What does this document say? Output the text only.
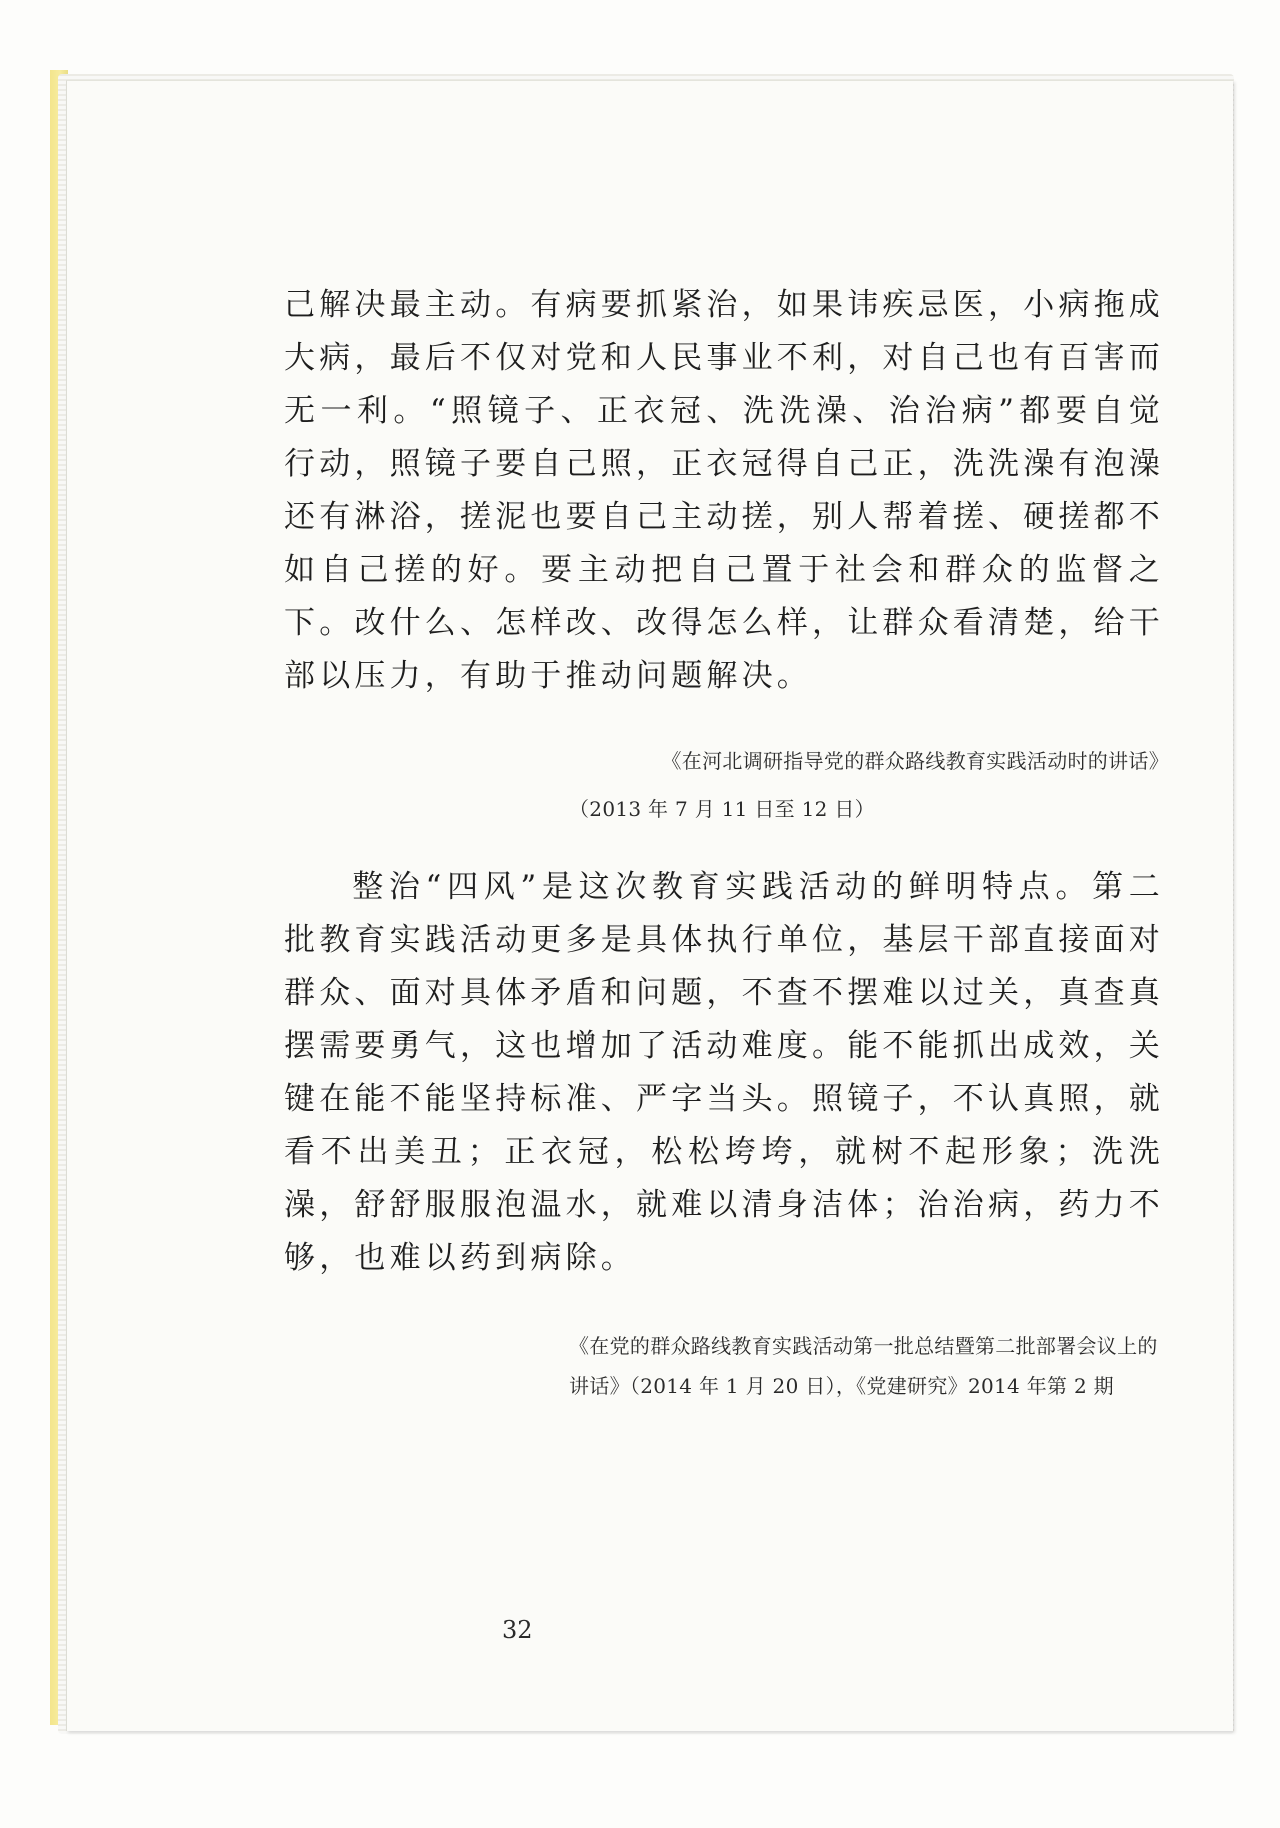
己解决最主动。有病要抓紧治，如果讳疾忌医，小病拖成大病，最后不仅对党和人民事业不利，对自己也有百害而无一利。“照镜子、正衣冠、洗洗澡、治治病”都要自觉行动，照镜子要自己照，正衣冠得自己正，洗洗澡有泡澡还有淋浴，搓泥也要自己主动搓，别人帮着搓、硬搓都不如自己搓的好。要主动把自己置于社会和群众的监督之下。改什么、怎样改、改得怎么样，让群众看清楚，给干部以压力，有助于推动问题解决。

《在河北调研指导党的群众路线教育实践活动时的讲话》
（2013 年 7 月 11 日至 12 日）

整治“四风”是这次教育实践活动的鲜明特点。第二批教育实践活动更多是具体执行单位，基层干部直接面对群众、面对具体矛盾和问题，不查不摆难以过关，真查真摆需要勇气，这也增加了活动难度。能不能抓出成效，关键在能不能坚持标准、严字当头。照镜子，不认真照，就看不出美丑；正衣冠，松松垮垮，就树不起形象；洗洗澡，舒舒服服泡温水，就难以清身洁体；治治病，药力不够，也难以药到病除。

《在党的群众路线教育实践活动第一批总结暨第二批部署会议上的讲话》（2014 年 1 月 20 日），《党建研究》2014 年第 2 期
32
